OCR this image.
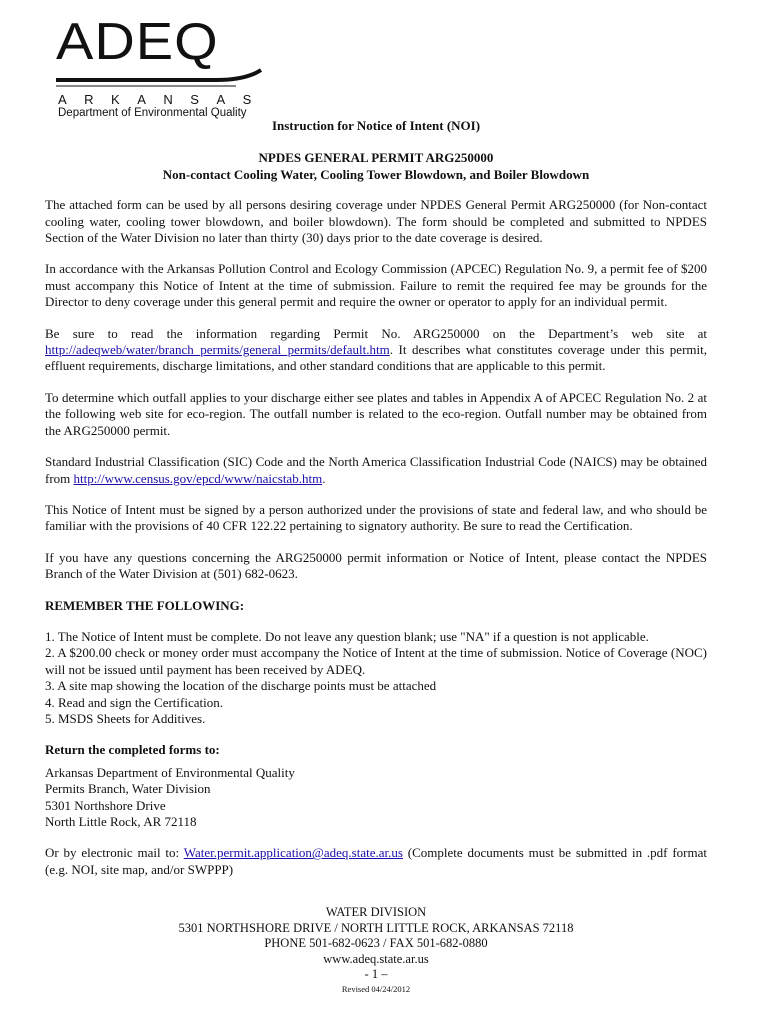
ADEQ
ARKANSAS
Department of Environmental Quality

Instruction for Notice of Intent (NOI)

NPDES GENERAL PERMIT ARG250000

Non-contact Cooling Water, Cooling Tower Blowdown, and Boiler Blowdown

The attached form can be used by all persons desiring coverage under NPDES General Permit ARG250000 (for Non-contact cooling water, cooling tower blowdown, and boiler blowdown). The form should be completed and submitted to NPDES Section of the Water Division no later than thirty (30) days prior to the date coverage is desired.

In accordance with the Arkansas Pollution Control and Ecology Commission (APCEC) Regulation No. 9, a permit fee of $200 must accompany this Notice of Intent at the time of submission. Failure to remit the required fee may be grounds for the Director to deny coverage under this general permit and require the owner or operator to apply for an individual permit.

Be sure to read the information regarding Permit No. ARG250000 on the Department’s web site at http://adeqweb/water/branch_permits/general_permits/default.htm. It describes what constitutes coverage under this permit, effluent requirements, discharge limitations, and other standard conditions that are applicable to this permit.

To determine which outfall applies to your discharge either see plates and tables in Appendix A of APCEC Regulation No. 2 at the following web site for eco-region. The outfall number is related to the eco-region. Outfall number may be obtained from the ARG250000 permit.

Standard Industrial Classification (SIC) Code and the North America Classification Industrial Code (NAICS) may be obtained from http://www.census.gov/epcd/www/naicstab.htm.

This Notice of Intent must be signed by a person authorized under the provisions of state and federal law, and who should be familiar with the provisions of 40 CFR 122.22 pertaining to signatory authority. Be sure to read the Certification.

If you have any questions concerning the ARG250000 permit information or Notice of Intent, please contact the NPDES Branch of the Water Division at (501) 682-0623.

REMEMBER THE FOLLOWING:

1. The Notice of Intent must be complete. Do not leave any question blank; use "NA" if a question is not applicable.

2. A $200.00 check or money order must accompany the Notice of Intent at the time of submission. Notice of Coverage (NOC) will not be issued until payment has been received by ADEQ.

3. A site map showing the location of the discharge points must be attached

4. Read and sign the Certification.

5. MSDS Sheets for Additives.

Return the completed forms to:

Arkansas Department of Environmental Quality

Permits Branch, Water Division

5301 Northshore Drive

North Little Rock, AR 72118

Or by electronic mail to: Water.permit.application@adeq.state.ar.us (Complete documents must be submitted in .pdf format (e.g. NOI, site map, and/or SWPPP)

WATER DIVISION

5301 NORTHSHORE DRIVE / NORTH LITTLE ROCK, ARKANSAS 72118

PHONE 501-682-0623 / FAX 501-682-0880

www.adeq.state.ar.us

- 1 –

Revised 04/24/2012
